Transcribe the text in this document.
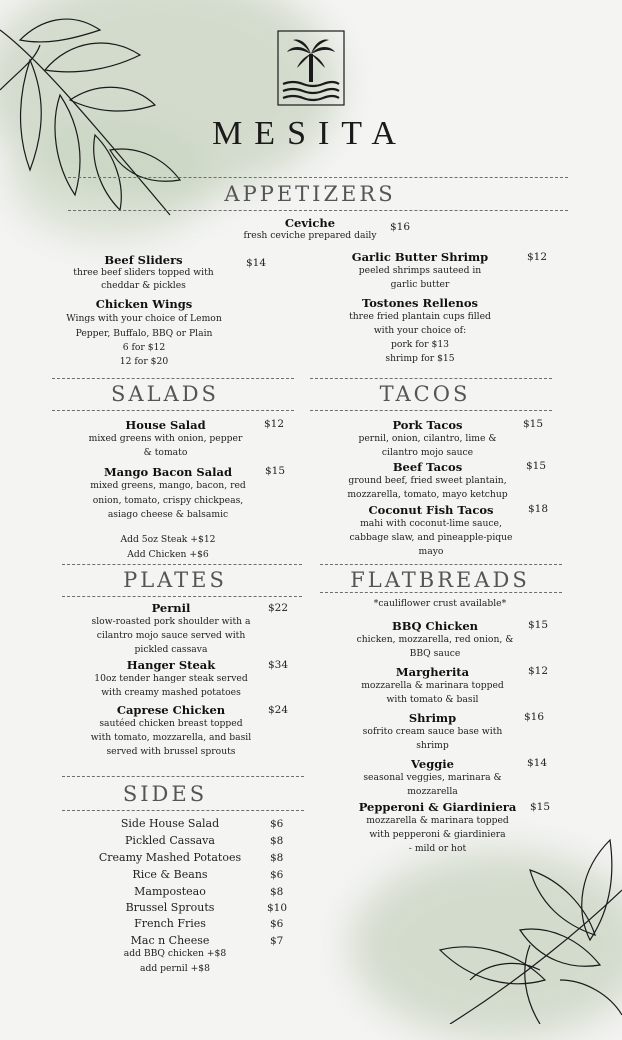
MESITA
APPETIZERS
Ceviche
fresh ceviche prepared daily
$16
Beef Sliders
three beef sliders topped with
cheddar & pickles
$14
Chicken Wings
Wings with your choice of Lemon
Pepper, Buffalo, BBQ or Plain
6 for $12
12 for $20
Garlic Butter Shrimp
peeled shrimps sauteed in
garlic butter
$12
Tostones Rellenos
three fried plantain cups filled
with your choice of:
pork for $13
shrimp for $15
SALADS
House Salad
mixed greens with onion, pepper
& tomato
$12
Mango Bacon Salad
mixed greens, mango, bacon, red
onion, tomato, crispy chickpeas,
asiago cheese & balsamic
$15
Add 5oz Steak +$12
Add Chicken +$6
TACOS
Pork Tacos
pernil, onion, cilantro, lime &
cilantro mojo sauce
$15
Beef Tacos
ground beef, fried sweet plantain,
mozzarella, tomato, mayo ketchup
$15
Coconut Fish Tacos
mahi with coconut-lime sauce,
cabbage slaw, and pineapple-pique
mayo
$18
PLATES
Pernil
slow-roasted pork shoulder with a
cilantro mojo sauce served with
pickled cassava
$22
Hanger Steak
10oz tender hanger steak served
with creamy mashed potatoes
$34
Caprese Chicken
sautéed chicken breast topped
with tomato, mozzarella, and basil
served with brussel sprouts
$24
FLATBREADS
*cauliflower crust available*
BBQ Chicken
chicken, mozzarella, red onion, &
BBQ sauce
$15
Margherita
mozzarella & marinara topped
with tomato & basil
$12
Shrimp
sofrito cream sauce base with
shrimp
$16
Veggie
seasonal veggies, marinara &
mozzarella
$14
Pepperoni & Giardiniera
mozzarella & marinara topped
with pepperoni & giardiniera
- mild or hot
$15
SIDES
Side House Salad	$6
Pickled Cassava	$8
Creamy Mashed Potatoes	$8
Rice & Beans	$6
Mamposteao	$8
Brussel Sprouts	$10
French Fries	$6
Mac n Cheese	$7
add BBQ chicken +$8
add pernil +$8
